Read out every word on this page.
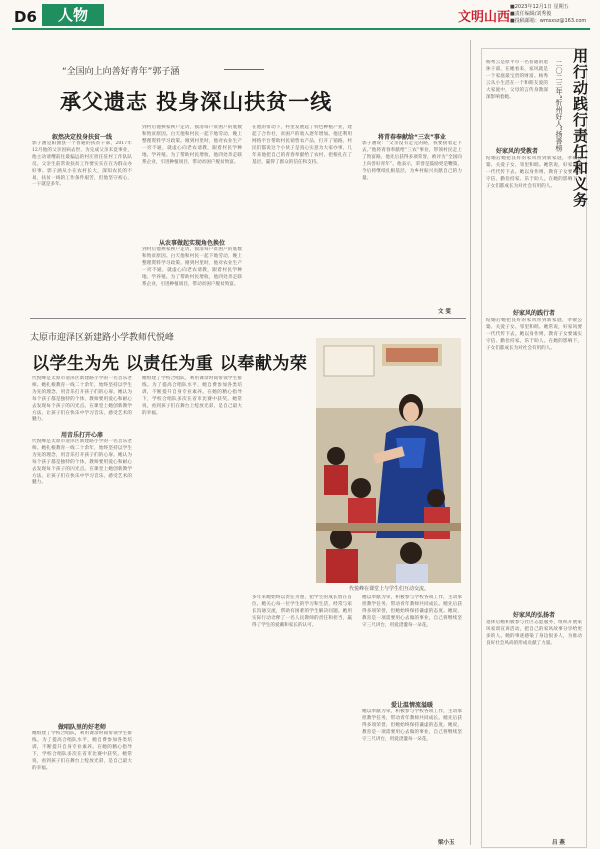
D6	人物	文明山西
■2023年12月1日 星期五
■责任编辑/刘秀俊
■投稿邮箱：wmsxsz@163.com
“全国向上向善好青年”郭子涵
承父遗志 投身深山扶贫一线
叙然决定投身扶贫一线
郭子涵是阳曲县一个普通的扶贫干部，2017年12月他的父亲因病去世，为完成父亲未竟事业，他主动请缨前往最偏远的村庄担任驻村工作队队员。父亲生前常说扶贫工作要实实在在为群众办好事。郭子涵从小在农村长大，深知农民的不易，扶贫一线的工作条件艰苦，但他坚守初心，一干就是多年。
到村后他挨家挨户走访，摸清每户贫困户的底数和致贫原因。白天他和村民一起下地劳动，晚上整理资料学习政策。刚到村里时，他对农业生产一窍不通，就虚心向老农请教，跟着村民学种地、学养殖。为了帮助村民增收，他四处奔走联系企业，引进种植项目，带动贫困户脱贫致富。
从农事做起实现角色换位
到村后他挨家挨户走访，摸清每户贫困户的底数和致贫原因。白天他和村民一起下地劳动，晚上整理资料学习政策。刚到村里时，他对农业生产一窍不通，就虚心向老农请教，跟着村民学种地、学养殖。为了帮助村民增收，他四处奔走联系企业，引进种植项目，带动贫困户脱贫致富。
在他的带动下，村里发展起了特色种植产业，建起了合作社，贫困户的收入逐年增加。他还利用网络平台帮助村民销售农产品，打开了销路。村民们都说这个小伙子是真心实意为大家办事。几年来他把自己的青春奉献给了农村，把根扎在了基层，赢得了群众的信任和支持。
将青春奉献给“三农”事业
郭子涵说：“父亲没有走完的路，我要接着走下去。”他将青春奉献给“三农”事业，带领村民走上了致富路。他先后获得多项荣誉，被评为“全国向上向善好青年”。他表示，荣誉是鼓励更是鞭策，今后将继续扎根基层，为乡村振兴贡献自己的力量。
文 雯
太原市迎泽区新建路小学教师代悦峰
以学生为先 以责任为重 以奉献为荣
代悦峰在课堂上与学生们互动交流。
用音乐打开心扉
代悦峰是太原市迎泽区新建路小学的一名音乐老师。她扎根教育一线二十余年，始终坚持以学生为先的理念，用音乐打开孩子们的心扉。她认为每个孩子都是独特的个体，教师要用爱心和耐心去发现每个孩子的闪光点。在课堂上她创新教学方法，让孩子们在快乐中学习音乐，感受艺术的魅力。
代悦峰是太原市迎泽区新建路小学的一名音乐老师。她扎根教育一线二十余年，始终坚持以学生为先的理念，用音乐打开孩子们的心扉。她认为每个孩子都是独特的个体，教师要用爱心和耐心去发现每个孩子的闪光点。在课堂上她创新教学方法，让孩子们在快乐中学习音乐，感受艺术的魅力。
做唱队里的好老师
她组建了学校合唱队，利用课余时间带领学生排练。为了提高合唱队水平，她自费参加各类培训，不断提升自身专业素养。在她的精心指导下，学校合唱队多次在省市比赛中获奖。她常说，看到孩子们在舞台上绽放光彩，是自己最大的幸福。
她组建了学校合唱队，利用课余时间带领学生排练。为了提高合唱队水平，她自费参加各类培训，不断提升自身专业素养。在她的精心指导下，学校合唱队多次在省市比赛中获奖。她常说，看到孩子们在舞台上绽放光彩，是自己最大的幸福。
多年来她始终以责任为重，把学生的成长放在首位。她关心每一位学生的学习和生活，经常与家长沟通交流，帮助有困难的学生解决问题。她用实际行动诠释了一名人民教师的责任和担当，赢得了学生的爱戴和家长的认可。
爱让温情流溢暖
她以奉献为荣，积极参与学校各项工作，主动承担教学任务，带动青年教师共同成长。她先后获得多项荣誉，但她始终保持谦虚的态度。她说，教育是一项需要用心去做的事业，自己将继续坚守三尺讲台，用爱浇灌每一朵花。
她以奉献为荣，积极参与学校各项工作，主动承担教学任务，带动青年教师共同成长。她先后获得多项荣誉，但她始终保持谦虚的态度。她说，教育是一项需要用心去做的事业，自己将继续坚守三尺讲台，用爱浇灌每一朵花。
梁小玉
用行动践行责任和义务
二〇二三年“忻州好人”扬善榜
杨秀云是原平市一名普通的退休干部，在她看来，家风就是一个家庭最宝贵的财富。杨秀云从小生活在一个和睦友爱的大家庭中，父母的言传身教深深影响着她。
好家风的受教者
结婚后她把良好的家风带到新家庭，孝敬公婆、关爱子女、邻里和睦。她常说，好家风要一代代传下去。她以身作则，教育子女要诚实守信、勤俭持家、乐于助人。在她的影响下，子女们都成长为对社会有用的人。
好家风的践行者
结婚后她把良好的家风带到新家庭，孝敬公婆、关爱子女、邻里和睦。她常说，好家风要一代代传下去。她以身作则，教育子女要诚实守信、勤俭持家、乐于助人。在她的影响下，子女们都成长为对社会有用的人。
好家风的弘扬者
退休后她积极参与社区志愿服务，组织开展家风家训宣讲活动，把自己的家风故事分享给更多的人。她的事迹感染了身边很多人，为推动良好社会风尚的形成贡献了力量。
吕 燕
